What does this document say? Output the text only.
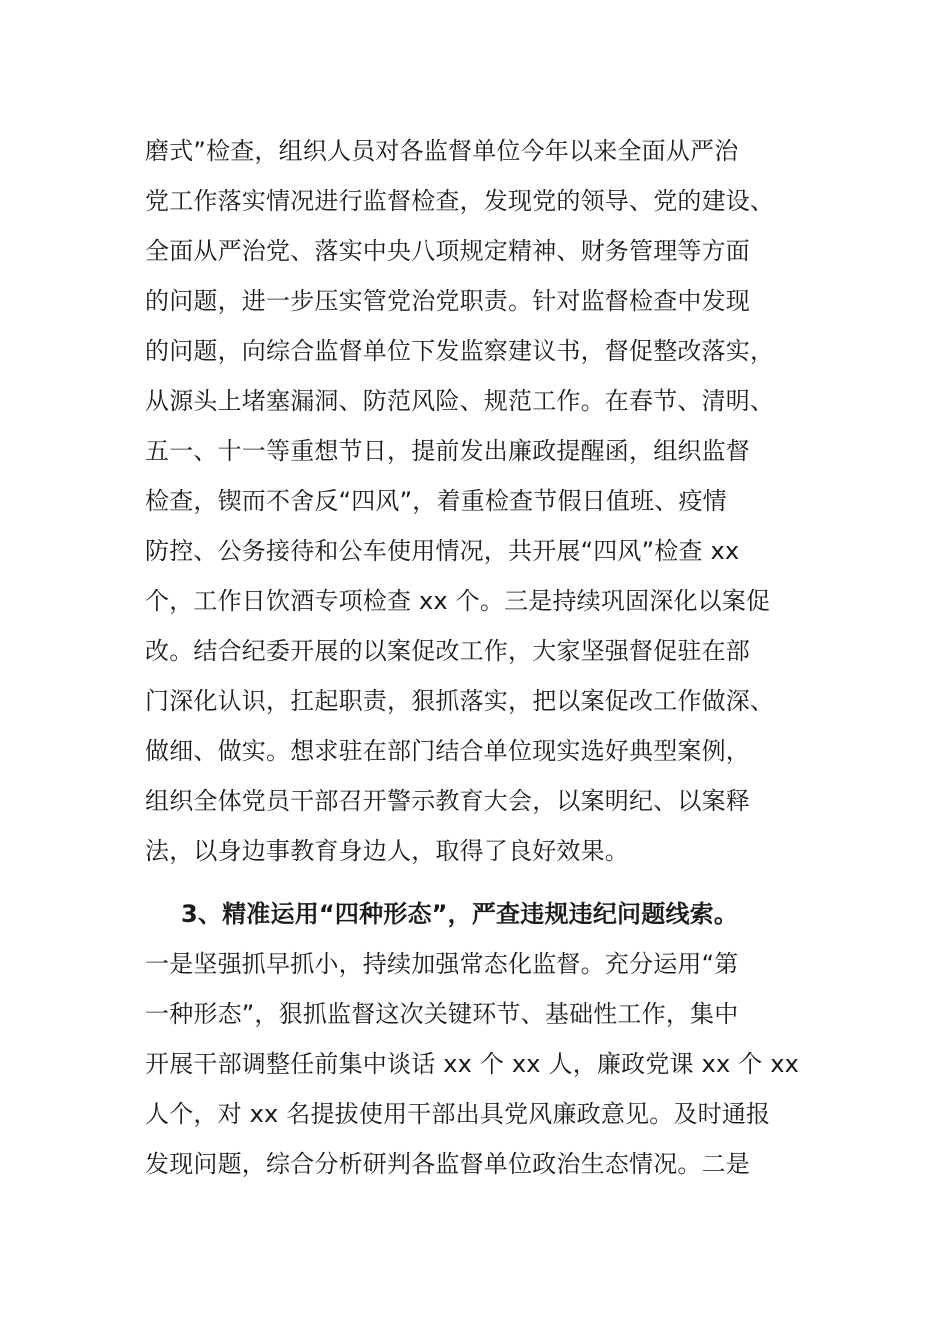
磨式”检查，组织人员对各监督单位今年以来全面从严治
党工作落实情况进行监督检查，发现党的领导、党的建设、
全面从严治党、落实中央八项规定精神、财务管理等方面
的问题，进一步压实管党治党职责。针对监督检查中发现
的问题，向综合监督单位下发监察建议书，督促整改落实，
从源头上堵塞漏洞、防范风险、规范工作。在春节、清明、
五一、十一等重想节日，提前发出廉政提醒函，组织监督
检查，锲而不舍反“四风”，着重检查节假日值班、疫情
防控、公务接待和公车使用情况，共开展“四风”检查 xx
个，工作日饮酒专项检查 xx 个。三是持续巩固深化以案促
改。结合纪委开展的以案促改工作，大家坚强督促驻在部
门深化认识，扛起职责，狠抓落实，把以案促改工作做深、
做细、做实。想求驻在部门结合单位现实选好典型案例，
组织全体党员干部召开警示教育大会，以案明纪、以案释
法，以身边事教育身边人，取得了良好效果。
3、精准运用“四种形态”，严查违规违纪问题线索。
一是坚强抓早抓小，持续加强常态化监督。充分运用“第
一种形态”，狠抓监督这次关键环节、基础性工作，集中
开展干部调整任前集中谈话 xx 个 xx 人，廉政党课 xx 个 xx
人个，对 xx 名提拔使用干部出具党风廉政意见。及时通报
发现问题，综合分析研判各监督单位政治生态情况。二是
